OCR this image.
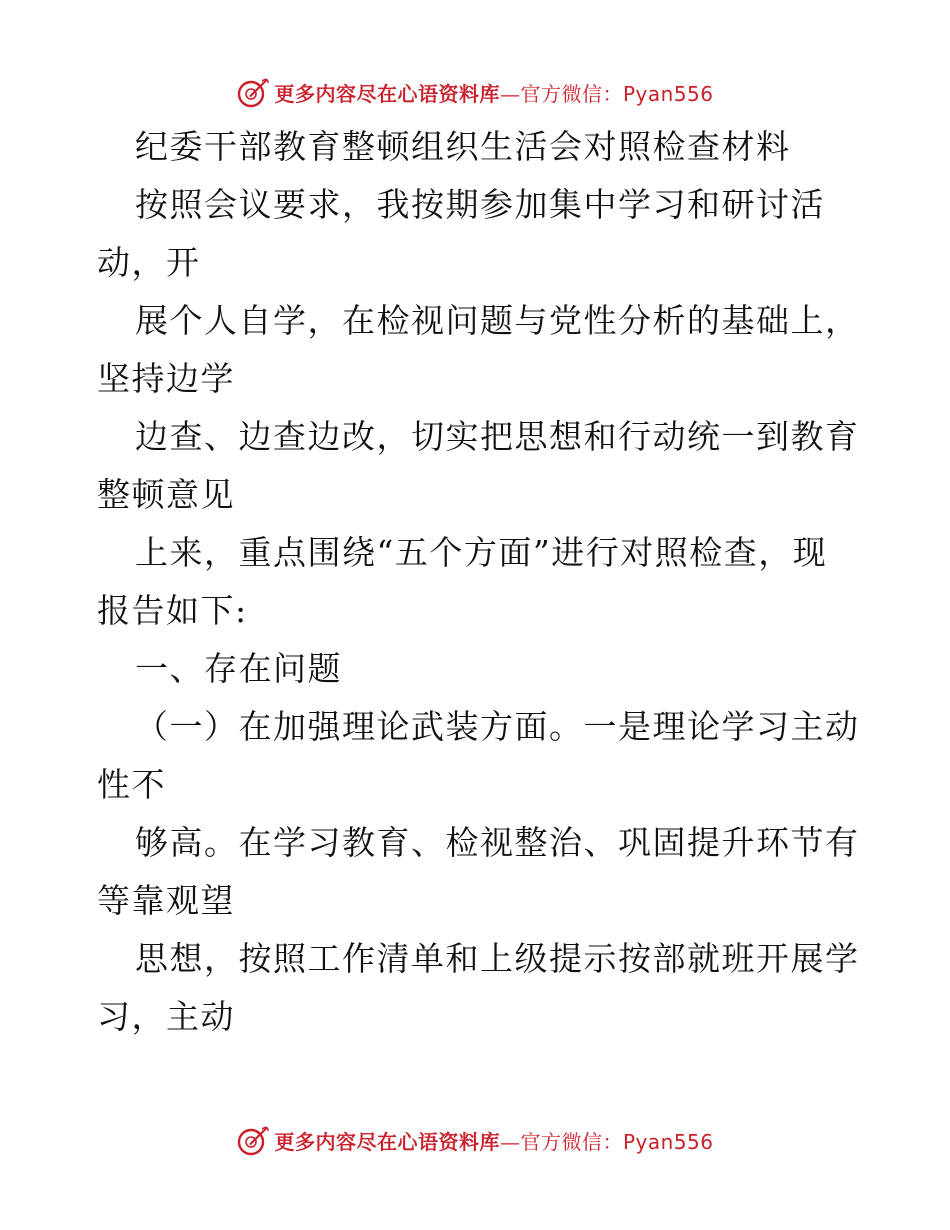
更多内容尽在心语资料库 — 官方微信： Pyan556
纪委干部教育整顿组织生活会对照检查材料
按照会议要求，我按期参加集中学习和研讨活
动，开
展个人自学，在检视问题与党性分析的基础上，
坚持边学
边查、边查边改，切实把思想和行动统一到教育
整顿意见
上来，重点围绕“五个方面”进行对照检查，现
报告如下:
一、存在问题
（一）在加强理论武装方面。一是理论学习主动
性不
够高。在学习教育、检视整治、巩固提升环节有
等靠观望
思想，按照工作清单和上级提示按部就班开展学
习，主动
更多内容尽在心语资料库 — 官方微信： Pyan556
